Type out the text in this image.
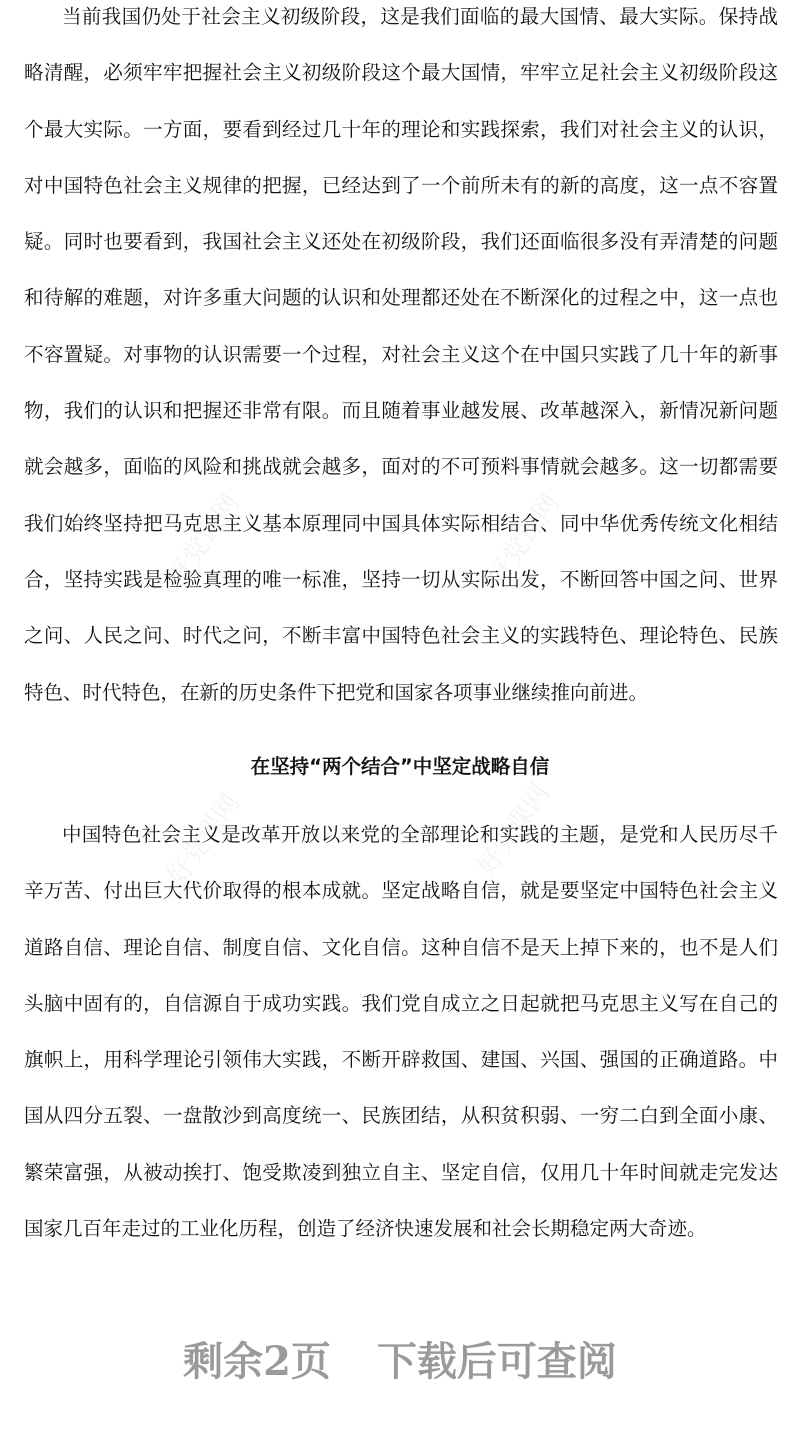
好党课网	好党课网
好党课网	好党课网
当前我国仍处于社会主义初级阶段，这是我们面临的最大国情、最大实际。保持战
略清醒，必须牢牢把握社会主义初级阶段这个最大国情，牢牢立足社会主义初级阶段这
个最大实际。一方面，要看到经过几十年的理论和实践探索，我们对社会主义的认识，
对中国特色社会主义规律的把握，已经达到了一个前所未有的新的高度，这一点不容置
疑。同时也要看到，我国社会主义还处在初级阶段，我们还面临很多没有弄清楚的问题
和待解的难题，对许多重大问题的认识和处理都还处在不断深化的过程之中，这一点也
不容置疑。对事物的认识需要一个过程，对社会主义这个在中国只实践了几十年的新事
物，我们的认识和把握还非常有限。而且随着事业越发展、改革越深入，新情况新问题
就会越多，面临的风险和挑战就会越多，面对的不可预料事情就会越多。这一切都需要
我们始终坚持把马克思主义基本原理同中国具体实际相结合、同中华优秀传统文化相结
合，坚持实践是检验真理的唯一标准，坚持一切从实际出发，不断回答中国之问、世界
之问、人民之问、时代之问，不断丰富中国特色社会主义的实践特色、理论特色、民族
特色、时代特色，在新的历史条件下把党和国家各项事业继续推向前进。
在坚持“两个结合”中坚定战略自信
中国特色社会主义是改革开放以来党的全部理论和实践的主题，是党和人民历尽千
辛万苦、付出巨大代价取得的根本成就。坚定战略自信，就是要坚定中国特色社会主义
道路自信、理论自信、制度自信、文化自信。这种自信不是天上掉下来的，也不是人们
头脑中固有的，自信源自于成功实践。我们党自成立之日起就把马克思主义写在自己的
旗帜上，用科学理论引领伟大实践，不断开辟救国、建国、兴国、强国的正确道路。中
国从四分五裂、一盘散沙到高度统一、民族团结，从积贫积弱、一穷二白到全面小康、
繁荣富强，从被动挨打、饱受欺凌到独立自主、坚定自信，仅用几十年时间就走完发达
国家几百年走过的工业化历程，创造了经济快速发展和社会长期稳定两大奇迹。
剩余2页 下载后可查阅
